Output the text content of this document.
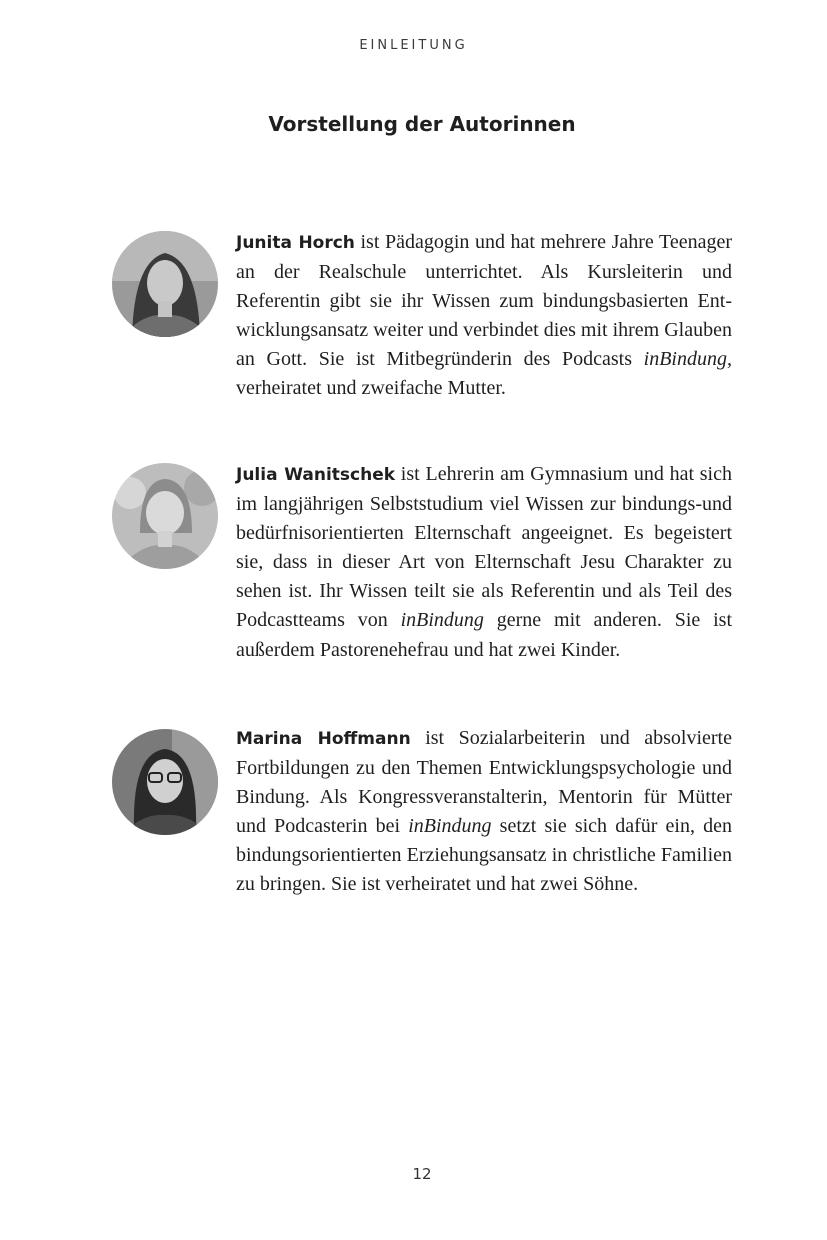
EINLEITUNG
Vorstellung der Autorinnen

Junita Horch ist Pädagogin und hat mehrere Jahre Teenager an der Realschule unterrichtet. Als Kursleiterin und Referentin gibt sie ihr Wissen zum bindungsbasierten Entwicklungsansatz weiter und verbindet dies mit ihrem Glauben an Gott. Sie ist Mitbegründerin des Podcasts inBindung, verheiratet und zweifache Mutter.

Julia Wanitschek ist Lehrerin am Gymnasium und hat sich im langjährigen Selbststudium viel Wissen zur bindungs-und bedürfnisorientierten Elternschaft angeeignet. Es begeistert sie, dass in dieser Art von Elternschaft Jesu Charakter zu sehen ist. Ihr Wissen teilt sie als Referentin und als Teil des Podcastteams von inBindung gerne mit anderen. Sie ist außerdem Pastorenehefrau und hat zwei Kinder.

Marina Hoffmann ist Sozialarbeiterin und absolvierte Fortbildungen zu den Themen Entwicklungspsychologie und Bindung. Als Kongressveranstalterin, Mentorin für Mütter und Podcasterin bei inBindung setzt sie sich dafür ein, den bindungsorientierten Erziehungsansatz in christliche Familien zu bringen. Sie ist verheiratet und hat zwei Söhne.

12
